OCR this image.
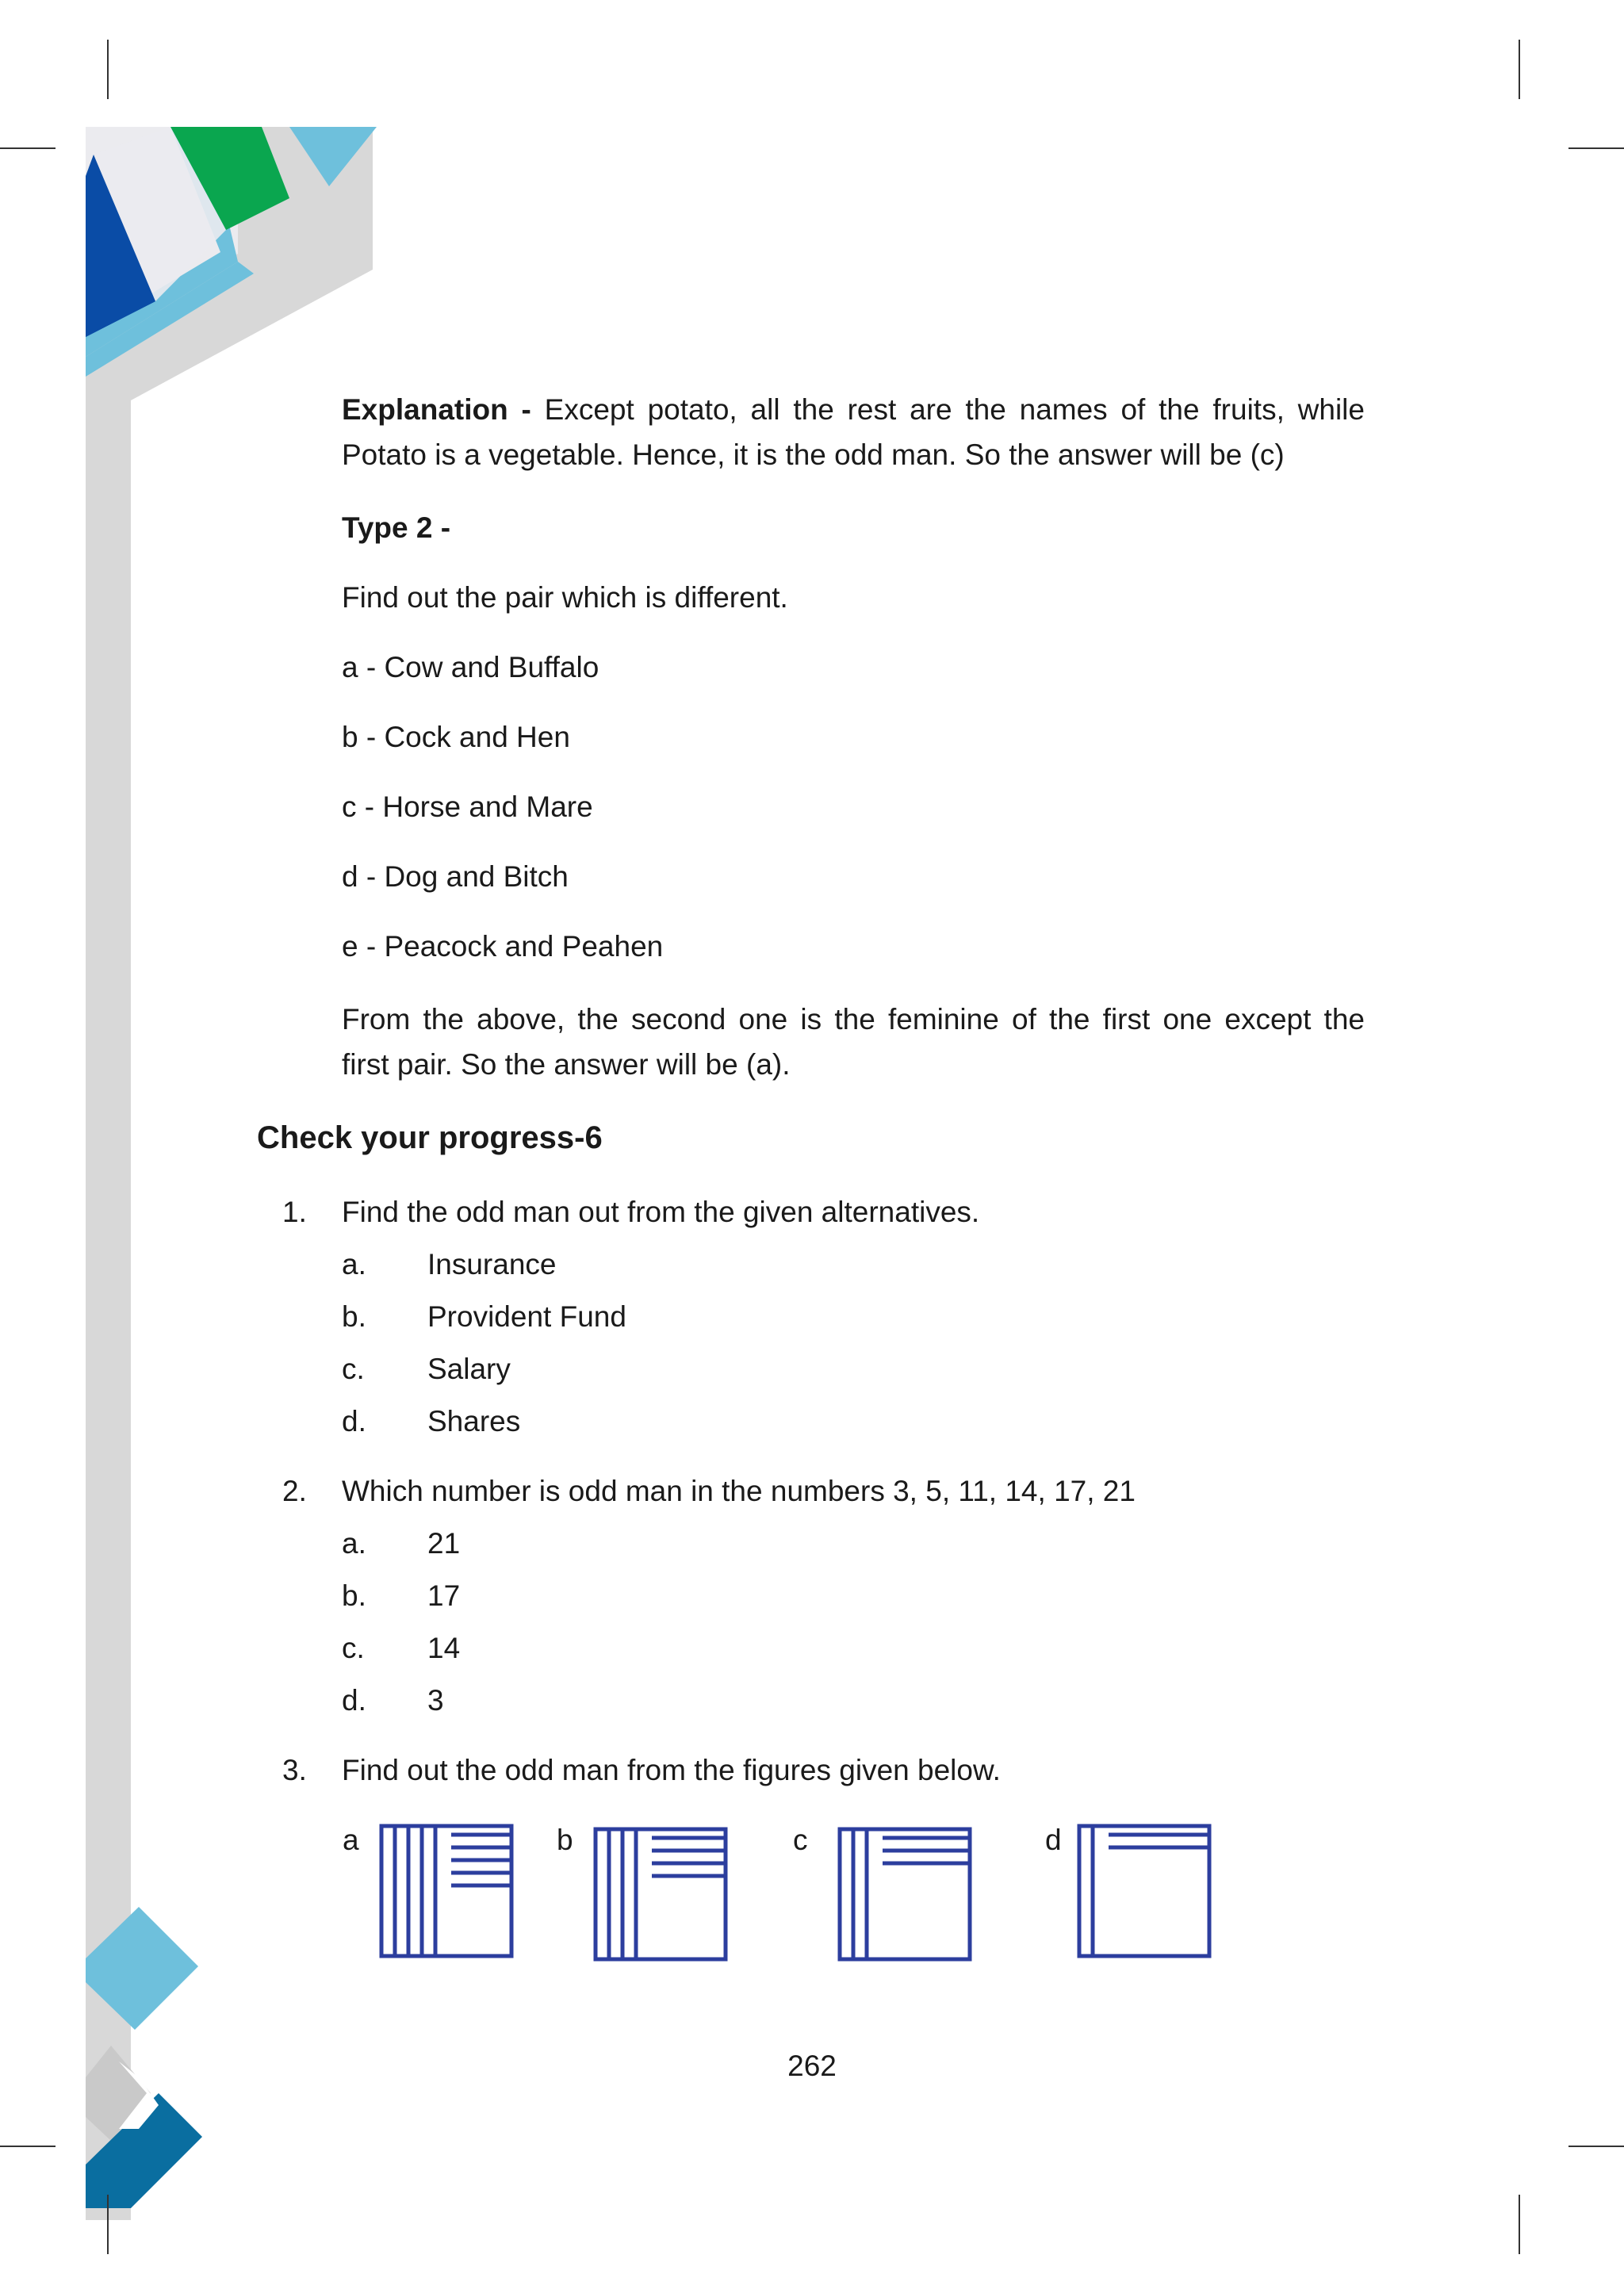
Explanation - Except potato, all the rest are the names of the fruits, while
Potato is a vegetable. Hence, it is the odd man. So the answer will be (c)
Type 2 -
Find out the pair which is different.
a - Cow and Buffalo
b - Cock and Hen
c - Horse and Mare
d - Dog and Bitch
e - Peacock and Peahen
From the above, the second one is the feminine of the first one except the
first pair. So the answer will be (a).
Check your progress-6
1. Find the odd man out from the given alternatives.
a. Insurance
b. Provident Fund
c. Salary
d. Shares
2. Which number is odd man in the numbers 3, 5, 11, 14, 17, 21
a. 21
b. 17
c. 14
d. 3
3. Find out the odd man from the figures given below.
a	b	c	d
262
